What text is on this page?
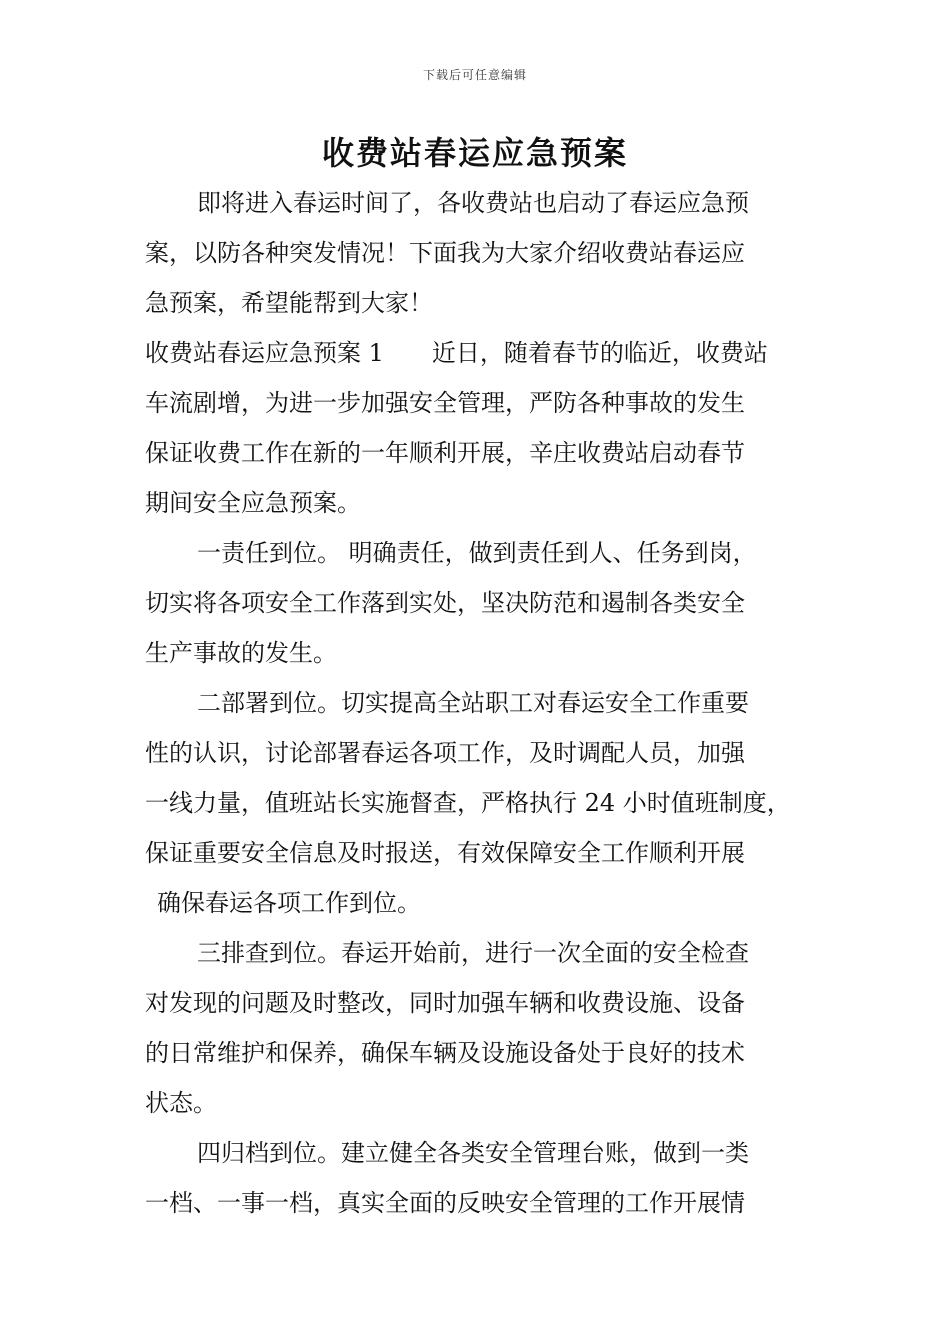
下载后可任意编辑
收费站春运应急预案

即将进入春运时间了，各收费站也启动了春运应急预
案，以防各种突发情况！下面我为大家介绍收费站春运应
急预案，希望能帮到大家！

收费站春运应急预案 1　　近日，随着春节的临近，收费站
车流剧增，为进一步加强安全管理，严防各种事故的发生
保证收费工作在新的一年顺利开展，辛庄收费站启动春节
期间安全应急预案。

一责任到位。 明确责任，做到责任到人、任务到岗，
切实将各项安全工作落到实处，坚决防范和遏制各类安全
生产事故的发生。

二部署到位。切实提高全站职工对春运安全工作重要
性的认识，讨论部署春运各项工作，及时调配人员，加强
一线力量，值班站长实施督查，严格执行 24 小时值班制度，
保证重要安全信息及时报送，有效保障安全工作顺利开展
确保春运各项工作到位。

三排查到位。春运开始前，进行一次全面的安全检查
对发现的问题及时整改，同时加强车辆和收费设施、设备
的日常维护和保养，确保车辆及设施设备处于良好的技术
状态。

四归档到位。建立健全各类安全管理台账，做到一类
一档、一事一档，真实全面的反映安全管理的工作开展情
